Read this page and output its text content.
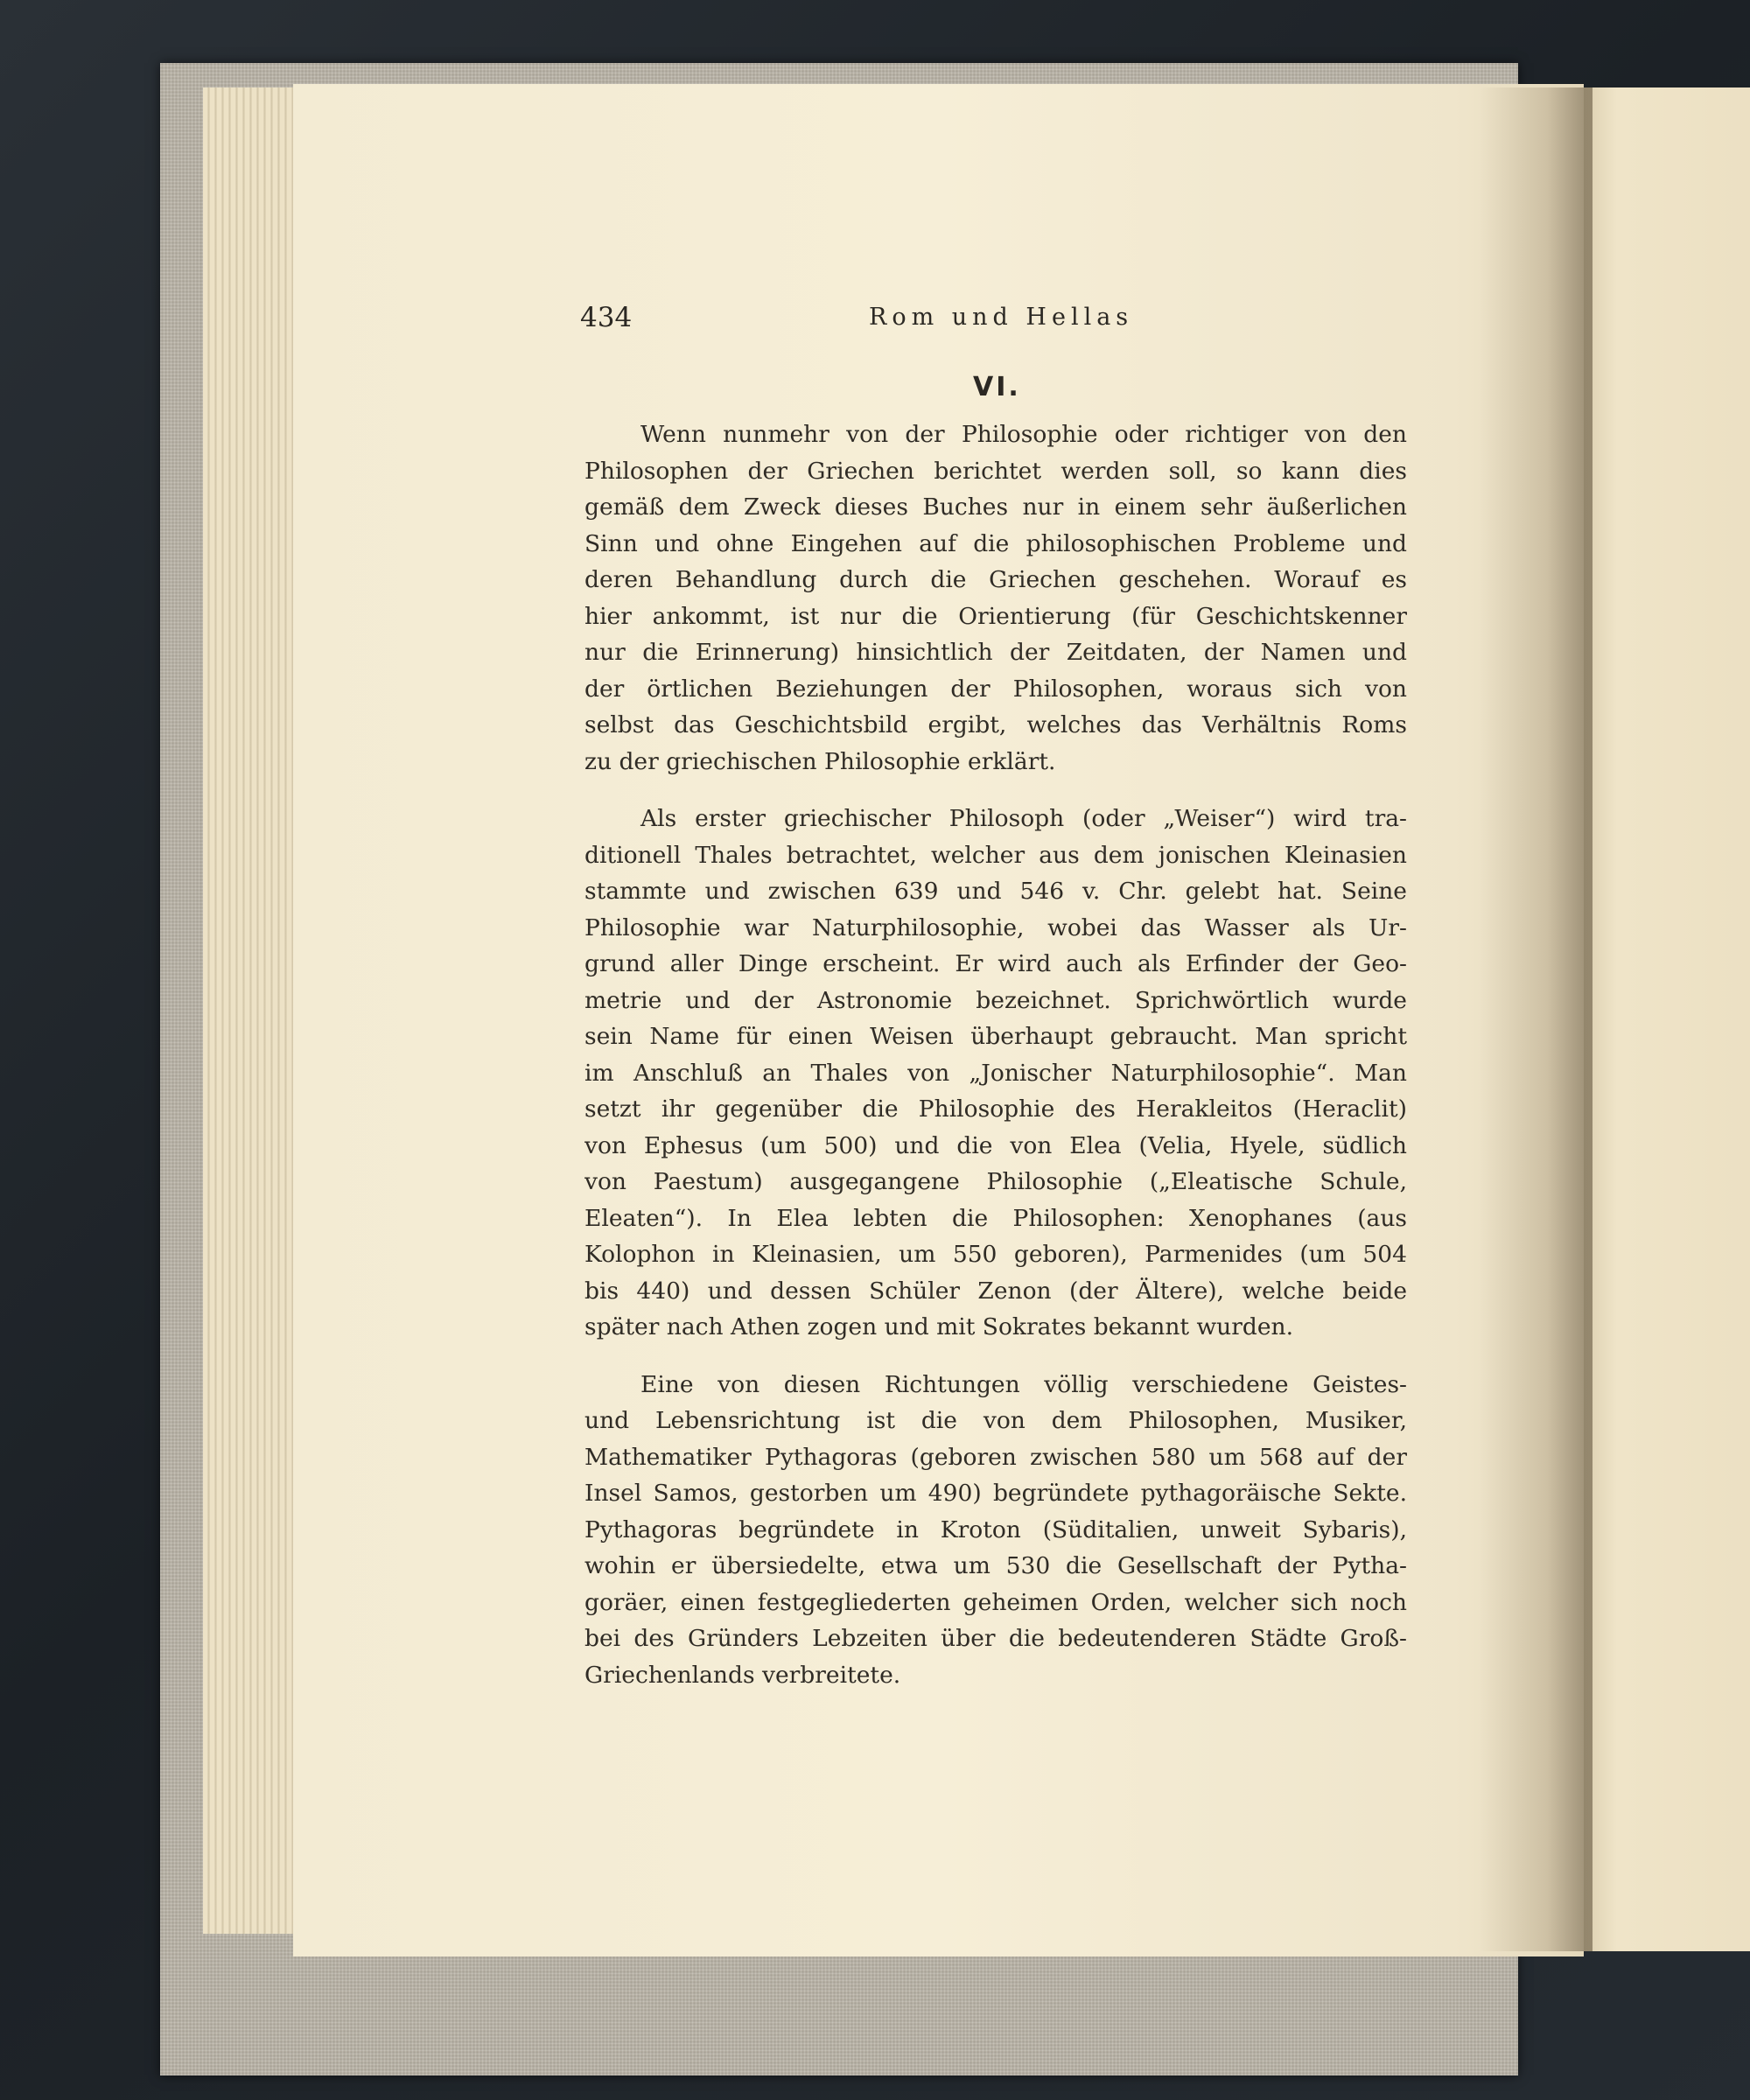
434	Rom und Hellas
VI.
Wenn nunmehr von der Philosophie oder richtiger von den
Philosophen der Griechen berichtet werden soll, so kann dies
gemäß dem Zweck dieses Buches nur in einem sehr äußerlichen
Sinn und ohne Eingehen auf die philosophischen Probleme und
deren Behandlung durch die Griechen geschehen. Worauf es
hier ankommt, ist nur die Orientierung (für Geschichtskenner
nur die Erinnerung) hinsichtlich der Zeitdaten, der Namen und
der örtlichen Beziehungen der Philosophen, woraus sich von
selbst das Geschichtsbild ergibt, welches das Verhältnis Roms
zu der griechischen Philosophie erklärt.
Als erster griechischer Philosoph (oder „Weiser“) wird tra-
ditionell Thales betrachtet, welcher aus dem jonischen Kleinasien
stammte und zwischen 639 und 546 v. Chr. gelebt hat. Seine
Philosophie war Naturphilosophie, wobei das Wasser als Ur-
grund aller Dinge erscheint. Er wird auch als Erfinder der Geo-
metrie und der Astronomie bezeichnet. Sprichwörtlich wurde
sein Name für einen Weisen überhaupt gebraucht. Man spricht
im Anschluß an Thales von „Jonischer Naturphilosophie“. Man
setzt ihr gegenüber die Philosophie des Herakleitos (Heraclit)
von Ephesus (um 500) und die von Elea (Velia, Hyele, südlich
von Paestum) ausgegangene Philosophie („Eleatische Schule,
Eleaten“). In Elea lebten die Philosophen: Xenophanes (aus
Kolophon in Kleinasien, um 550 geboren), Parmenides (um 504
bis 440) und dessen Schüler Zenon (der Ältere), welche beide
später nach Athen zogen und mit Sokrates bekannt wurden.
Eine von diesen Richtungen völlig verschiedene Geistes-
und Lebensrichtung ist die von dem Philosophen, Musiker,
Mathematiker Pythagoras (geboren zwischen 580 um 568 auf der
Insel Samos, gestorben um 490) begründete pythagoräische Sekte.
Pythagoras begründete in Kroton (Süditalien, unweit Sybaris),
wohin er übersiedelte, etwa um 530 die Gesellschaft der Pytha-
goräer, einen festgegliederten geheimen Orden, welcher sich noch
bei des Gründers Lebzeiten über die bedeutenderen Städte Groß-
Griechenlands verbreitete.
